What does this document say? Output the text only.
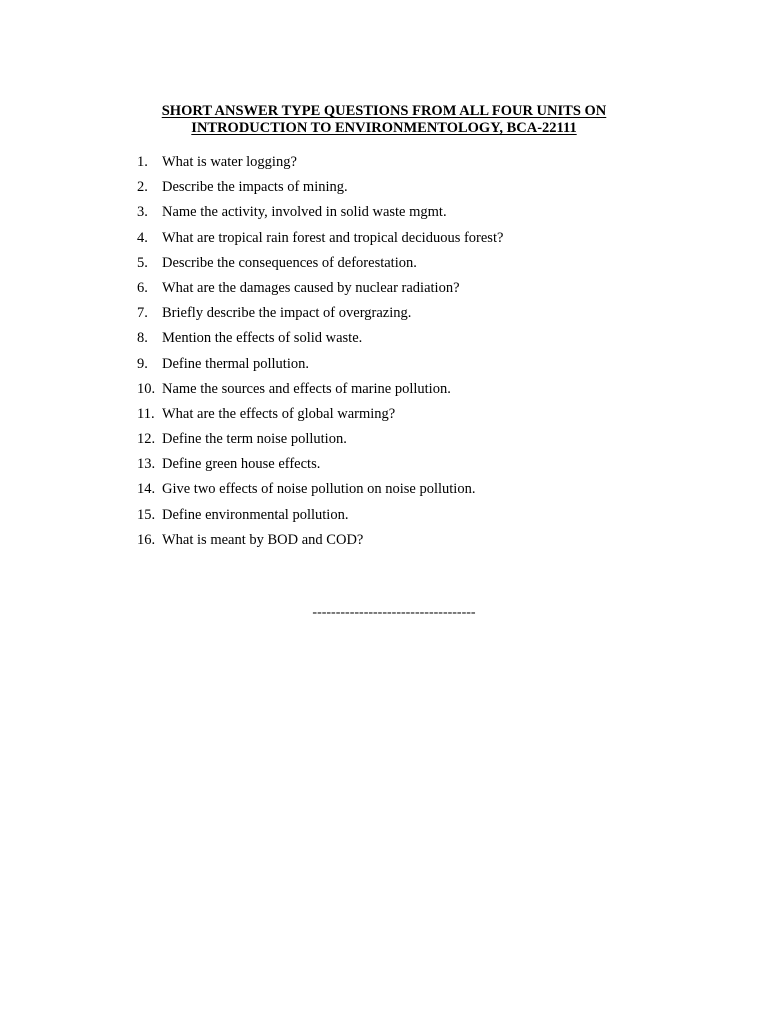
SHORT ANSWER TYPE QUESTIONS FROM ALL FOUR UNITS ON
INTRODUCTION TO ENVIRONMENTOLOGY, BCA-22111
1. What is water logging?
2. Describe the impacts of mining.
3. Name the activity, involved in solid waste mgmt.
4. What are tropical rain forest and tropical deciduous forest?
5. Describe the consequences of deforestation.
6. What are the damages caused by nuclear radiation?
7. Briefly describe the impact of overgrazing.
8. Mention the effects of solid waste.
9. Define thermal pollution.
10. Name the sources and effects of marine pollution.
11. What are the effects of global warming?
12. Define the term noise pollution.
13. Define green house effects.
14. Give two effects of noise pollution on noise pollution.
15. Define environmental pollution.
16. What is meant by BOD and COD?
-----------------------------------
